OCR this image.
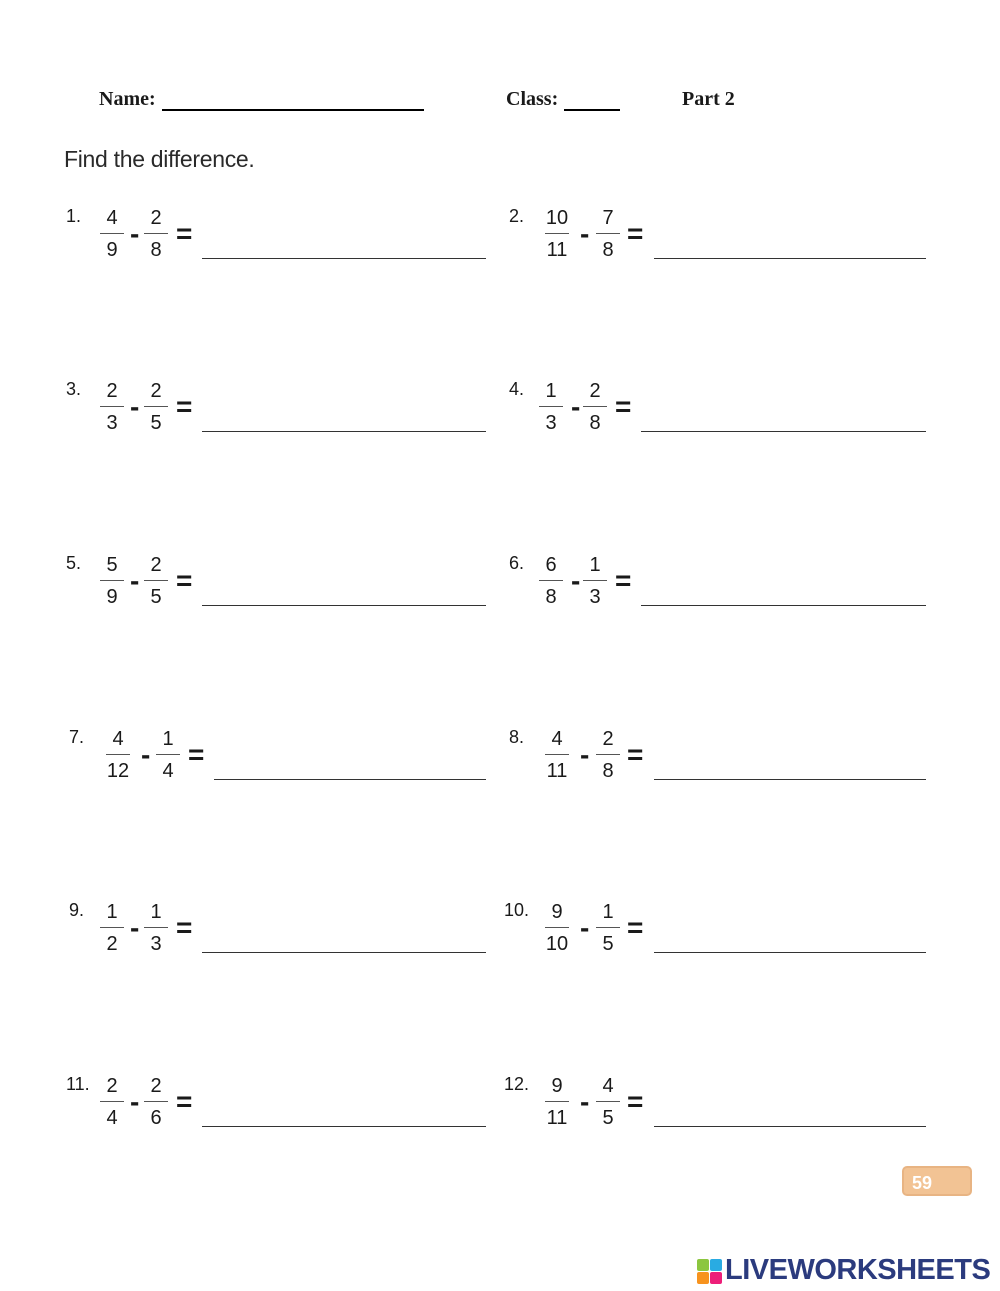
Name:	Class:	Part 2
Find the difference.
1.	4
9
- 2
8
=
2.	10
11
- 7
8
=
3.	2
3
- 2
5
=
4.	1
3
- 2
8
=
5.	5
9
- 2
5
=
6.	6
8
- 1
3
=
7.	4
12
- 1
4
=
8.	4
11
- 2
8
=
9.	1
2
- 1
3
=
10.	9
10
- 1
5
=
11. 2
4
- 2
6
=
12.	9
11
- 4
5
=
59
LIVEWORKSHEETS
